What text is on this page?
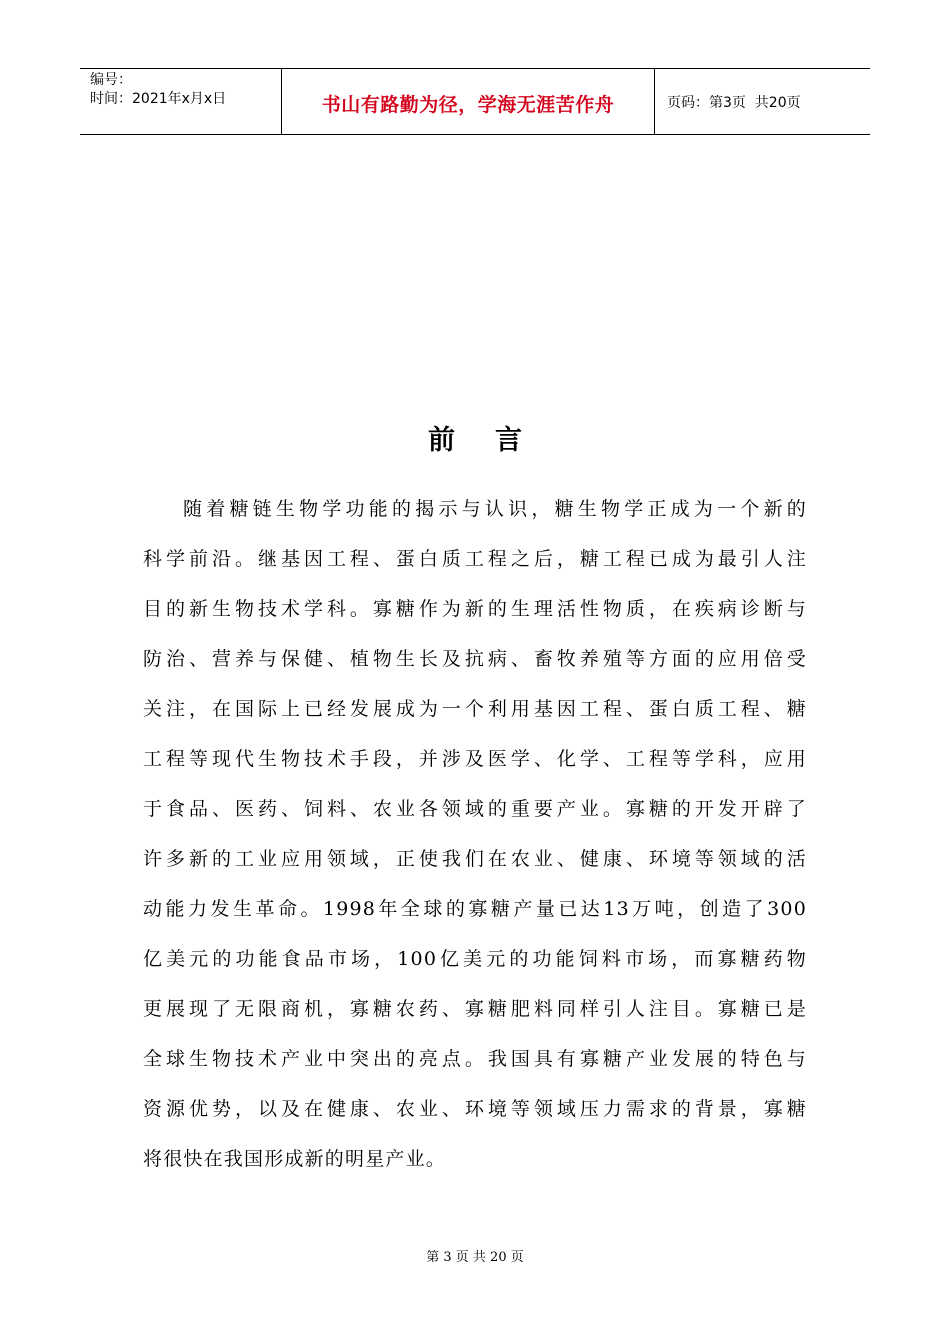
编号：
时间：2021年x月x日	书山有路勤为径，学海无涯苦作舟	页码：第3页  共20页
前 言
随着糖链生物学功能的揭示与认识，糖生物学正成为一个新的
科学前沿。继基因工程、蛋白质工程之后，糖工程已成为最引人注
目的新生物技术学科。寡糖作为新的生理活性物质，在疾病诊断与
防治、营养与保健、植物生长及抗病、畜牧养殖等方面的应用倍受
关注，在国际上已经发展成为一个利用基因工程、蛋白质工程、糖
工程等现代生物技术手段，并涉及医学、化学、工程等学科，应用
于食品、医药、饲料、农业各领域的重要产业。寡糖的开发开辟了
许多新的工业应用领域，正使我们在农业、健康、环境等领域的活
动能力发生革命。1998年全球的寡糖产量已达13万吨，创造了300
亿美元的功能食品市场，100亿美元的功能饲料市场，而寡糖药物
更展现了无限商机，寡糖农药、寡糖肥料同样引人注目。寡糖已是
全球生物技术产业中突出的亮点。我国具有寡糖产业发展的特色与
资源优势，以及在健康、农业、环境等领域压力需求的背景，寡糖
将很快在我国形成新的明星产业。
第 3 页 共 20 页
